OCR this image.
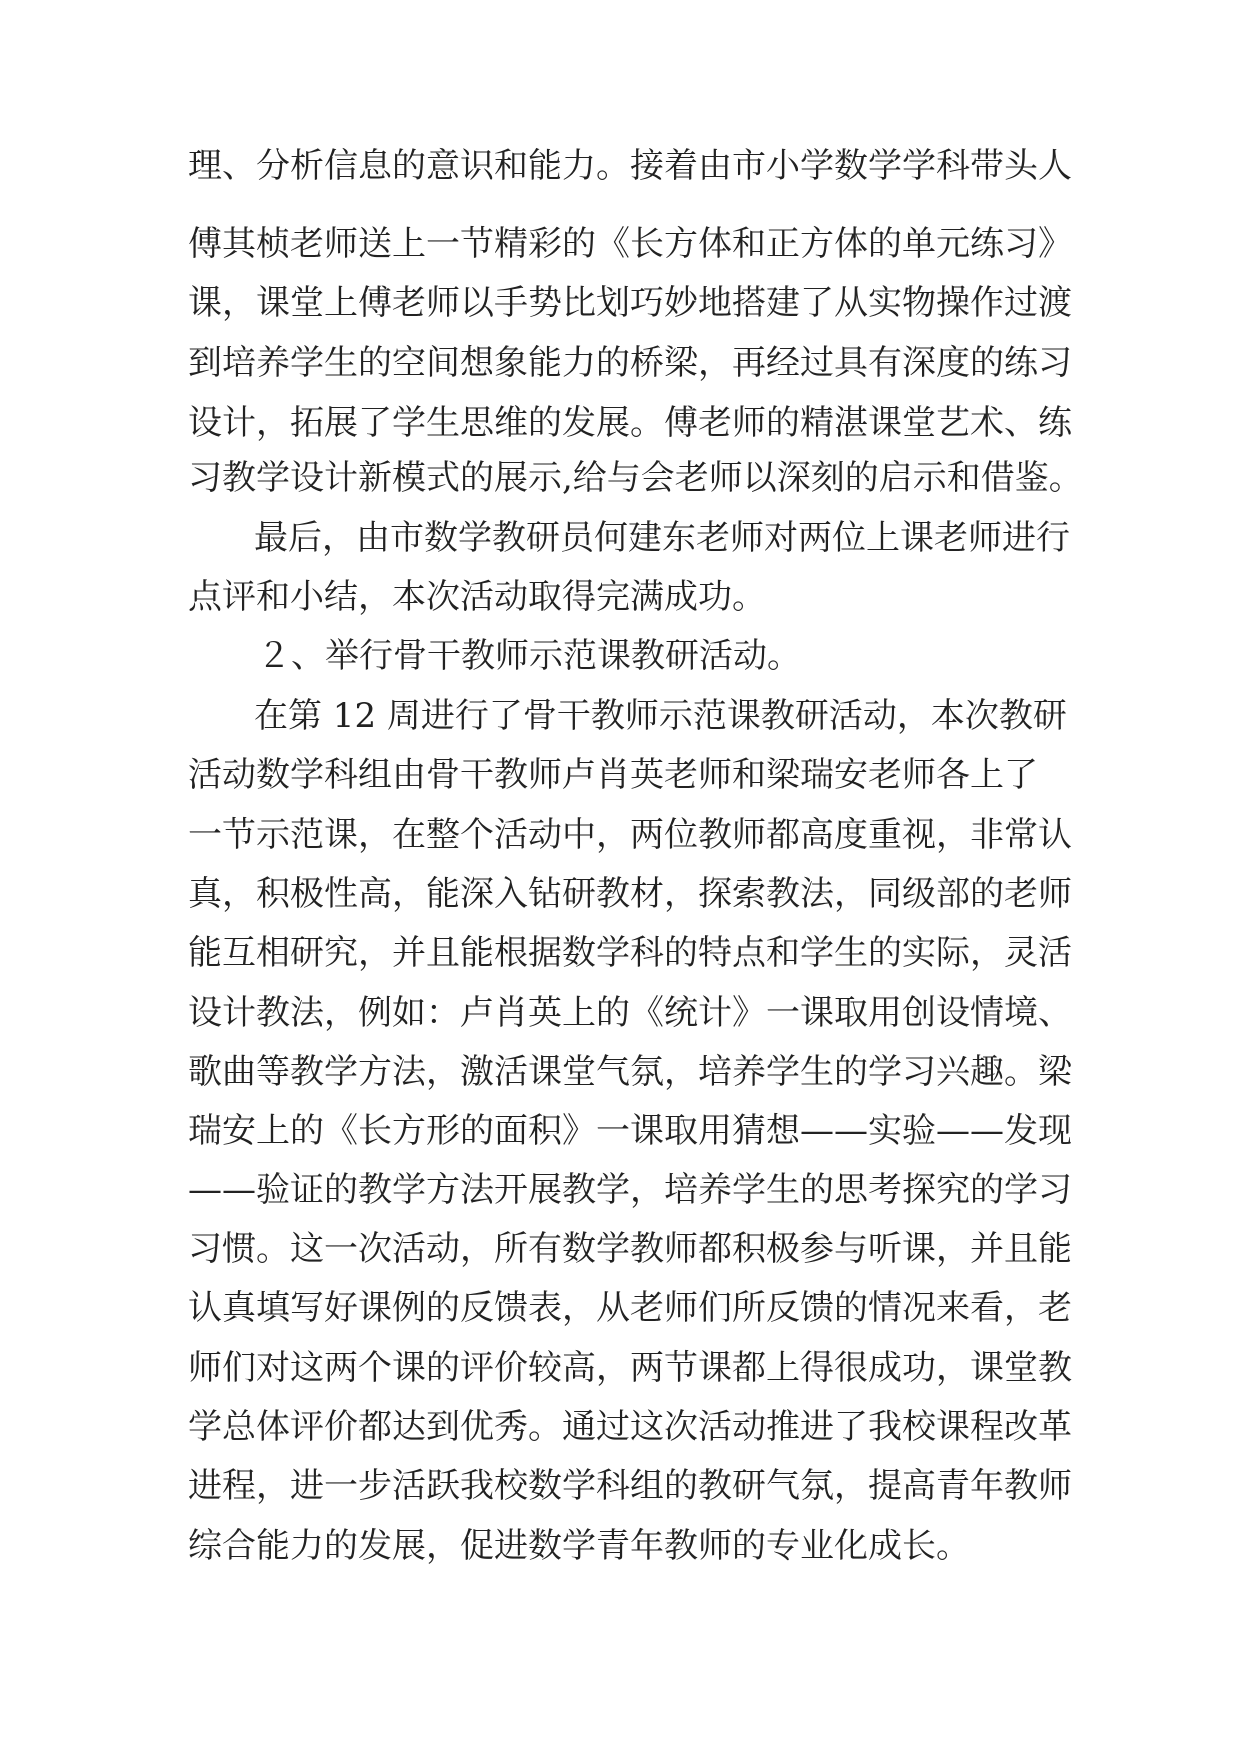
理、分析信息的意识和能力。接着由市小学数学学科带头人
傅其桢老师送上一节精彩的《长方体和正方体的单元练习》
课，课堂上傅老师以手势比划巧妙地搭建了从实物操作过渡
到培养学生的空间想象能力的桥梁，再经过具有深度的练习
设计，拓展了学生思维的发展。傅老师的精湛课堂艺术、练
习教学设计新模式的展示,给与会老师以深刻的启示和借鉴。
最后，由市数学教研员何建东老师对两位上课老师进行
点评和小结，本次活动取得完满成功。
２、举行骨干教师示范课教研活动。
在第 12 周进行了骨干教师示范课教研活动，本次教研
活动数学科组由骨干教师卢肖英老师和梁瑞安老师各上了
一节示范课，在整个活动中，两位教师都高度重视，非常认
真，积极性高，能深入钻研教材，探索教法，同级部的老师
能互相研究，并且能根据数学科的特点和学生的实际，灵活
设计教法，例如：卢肖英上的《统计》一课取用创设情境、
歌曲等教学方法，激活课堂气氛，培养学生的学习兴趣。梁
瑞安上的《长方形的面积》一课取用猜想——实验——发现
——验证的教学方法开展教学，培养学生的思考探究的学习
习惯。这一次活动，所有数学教师都积极参与听课，并且能
认真填写好课例的反馈表，从老师们所反馈的情况来看，老
师们对这两个课的评价较高，两节课都上得很成功，课堂教
学总体评价都达到优秀。通过这次活动推进了我校课程改革
进程，进一步活跃我校数学科组的教研气氛，提高青年教师
综合能力的发展，促进数学青年教师的专业化成长。
